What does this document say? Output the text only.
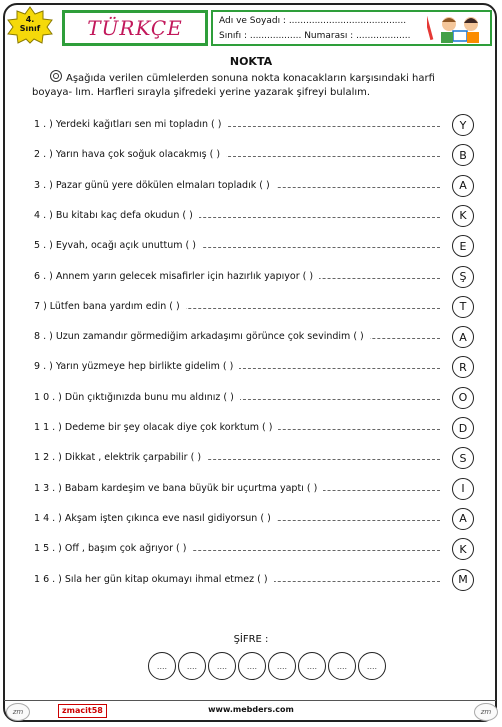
4.
Sınıf	TÜRKÇE	Adı ve Soyadı : .........................................
Sınıfı : .................. Numarası : ...................
NOKTA
Aşağıda verilen cümlelerden sonuna nokta konacakların karşısındaki harfi boyaya- lım. Harfleri sırayla şifredeki yerine yazarak şifreyi bulalım.
1 . ) Yerdeki kağıtları sen mi topladın ( )	Y
2 . ) Yarın hava çok soğuk olacakmış ( )	B
3 . ) Pazar günü yere dökülen elmaları topladık ( )	A
4 . ) Bu kitabı kaç defa okudun ( )	K
5 . ) Eyvah, ocağı açık unuttum ( )	E
6 . ) Annem yarın gelecek misafirler için hazırlık yapıyor ( )	Ş
7 ) Lütfen bana yardım edin ( )	T
8 . ) Uzun zamandır görmediğim arkadaşımı görünce çok sevindim ( )	A
9 . ) Yarın yüzmeye hep birlikte gidelim ( )	R
1 0 . ) Dün çıktığınızda bunu mu aldınız ( )	O
1 1 . ) Dedeme bir şey olacak diye çok korktum ( )	D
1 2 . ) Dikkat , elektrik çarpabilir ( )	S
1 3 . ) Babam kardeşim ve bana büyük bir uçurtma yaptı ( )	I
1 4 . ) Akşam işten çıkınca eve nasıl gidiyorsun ( )	A
1 5 . ) Off , başım çok ağrıyor ( )	K
1 6 . ) Sıla her gün kitap okumayı ihmal etmez ( )	M
ŞİFRE :
....	....	....	....	....	....	....	....
zm	zmacit58	www.mebders.com	zm
